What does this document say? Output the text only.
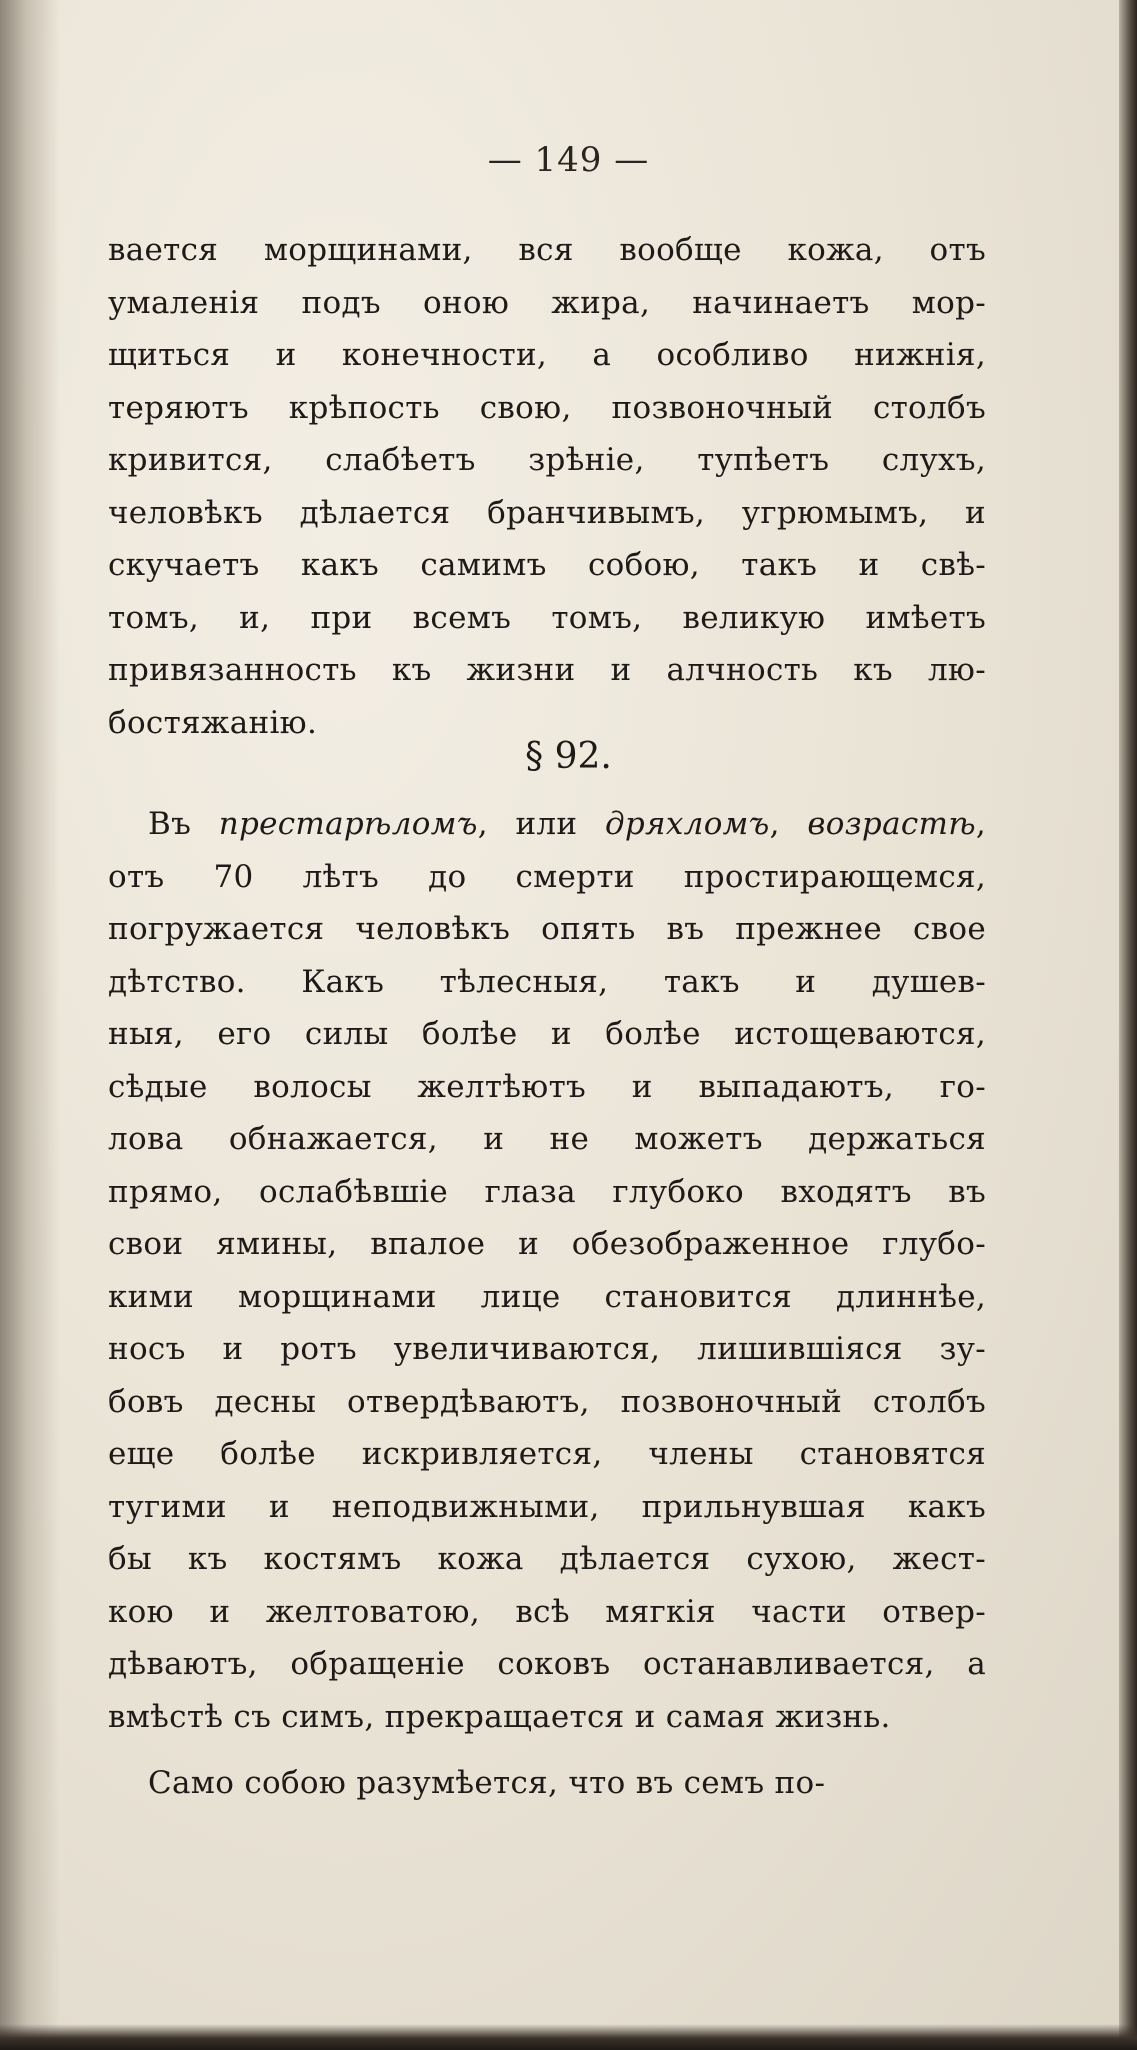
— 149 —
вается морщинами, вся вообще кожа, отъ
умаленія подъ оною жира, начинаетъ мор-
щиться и конечности, а особливо нижнія,
теряютъ крѣпость свою, позвоночный столбъ
кривится, слабѣетъ зрѣніе, тупѣетъ слухъ,
человѣкъ дѣлается бранчивымъ, угрюмымъ, и
скучаетъ какъ самимъ собою, такъ и свѣ-
томъ, и, при всемъ томъ, великую имѣетъ
привязанность къ жизни и алчность къ лю-
бостяжанію.
§ 92.
Въ престарѣломъ, или дряхломъ, возрастѣ,
отъ 70 лѣтъ до смерти простирающемся,
погружается человѣкъ опять въ прежнее свое
дѣтство. Какъ тѣлесныя, такъ и душев-
ныя, его силы болѣе и болѣе истощеваются,
сѣдые волосы желтѣютъ и выпадаютъ, го-
лова обнажается, и не можетъ держаться
прямо, ослабѣвшіе глаза глубоко входятъ въ
свои ямины, впалое и обезображенное глубо-
кими морщинами лице становится длиннѣе,
носъ и ротъ увеличиваются, лишившіяся зу-
бовъ десны отвердѣваютъ, позвоночный столбъ
еще болѣе искривляется, члены становятся
тугими и неподвижными, прильнувшая какъ
бы къ костямъ кожа дѣлается сухою, жест-
кою и желтоватою, всѣ мягкія части отвер-
дѣваютъ, обращеніе соковъ останавливается, а
вмѣстѣ съ симъ, прекращается и самая жизнь.
Само собою разумѣется, что въ семъ по-
